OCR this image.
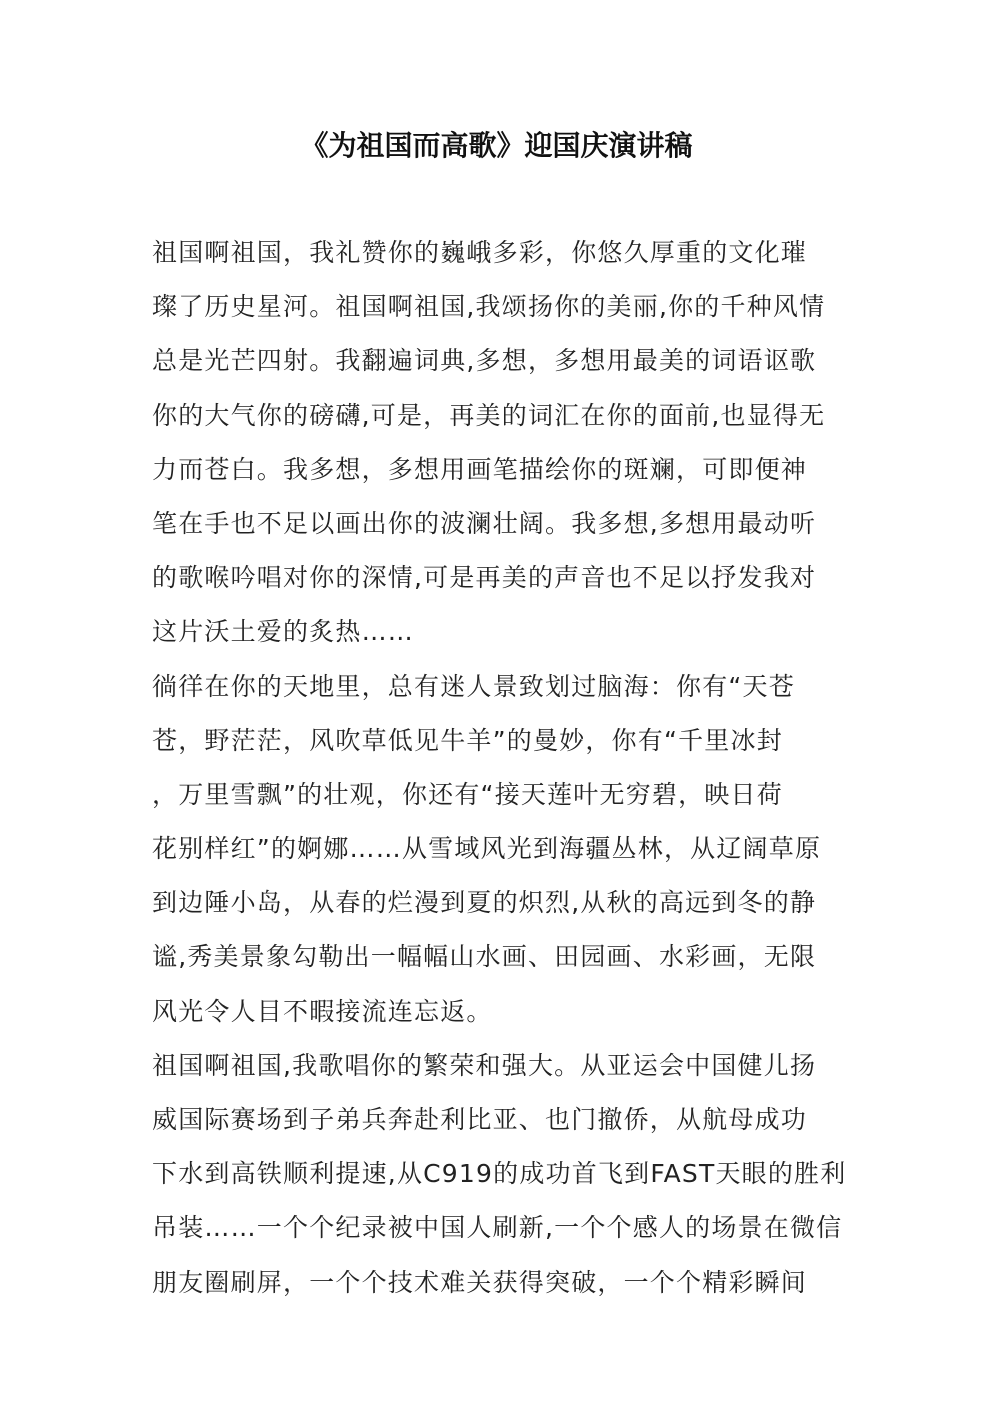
《为祖国而高歌》迎国庆演讲稿
祖国啊祖国，我礼赞你的巍峨多彩，你悠久厚重的文化璀
璨了历史星河。祖国啊祖国,我颂扬你的美丽,你的千种风情
总是光芒四射。我翻遍词典,多想，多想用最美的词语讴歌
你的大气你的磅礴,可是，再美的词汇在你的面前,也显得无
力而苍白。我多想，多想用画笔描绘你的斑斓，可即便神
笔在手也不足以画出你的波澜壮阔。我多想,多想用最动听
的歌喉吟唱对你的深情,可是再美的声音也不足以抒发我对
这片沃土爱的炙热……
徜徉在你的天地里，总有迷人景致划过脑海：你有“天苍
苍，野茫茫，风吹草低见牛羊”的曼妙，你有“千里冰封
，万里雪飘”的壮观，你还有“接天莲叶无穷碧，映日荷
花别样红”的婀娜……从雪域风光到海疆丛林，从辽阔草原
到边陲小岛，从春的烂漫到夏的炽烈,从秋的高远到冬的静
谧,秀美景象勾勒出一幅幅山水画、田园画、水彩画，无限
风光令人目不暇接流连忘返。
祖国啊祖国,我歌唱你的繁荣和强大。从亚运会中国健儿扬
威国际赛场到子弟兵奔赴利比亚、也门撤侨，从航母成功
下水到高铁顺利提速,从C919的成功首飞到FAST天眼的胜利
吊装……一个个纪录被中国人刷新,一个个感人的场景在微信
朋友圈刷屏，一个个技术难关获得突破，一个个精彩瞬间
